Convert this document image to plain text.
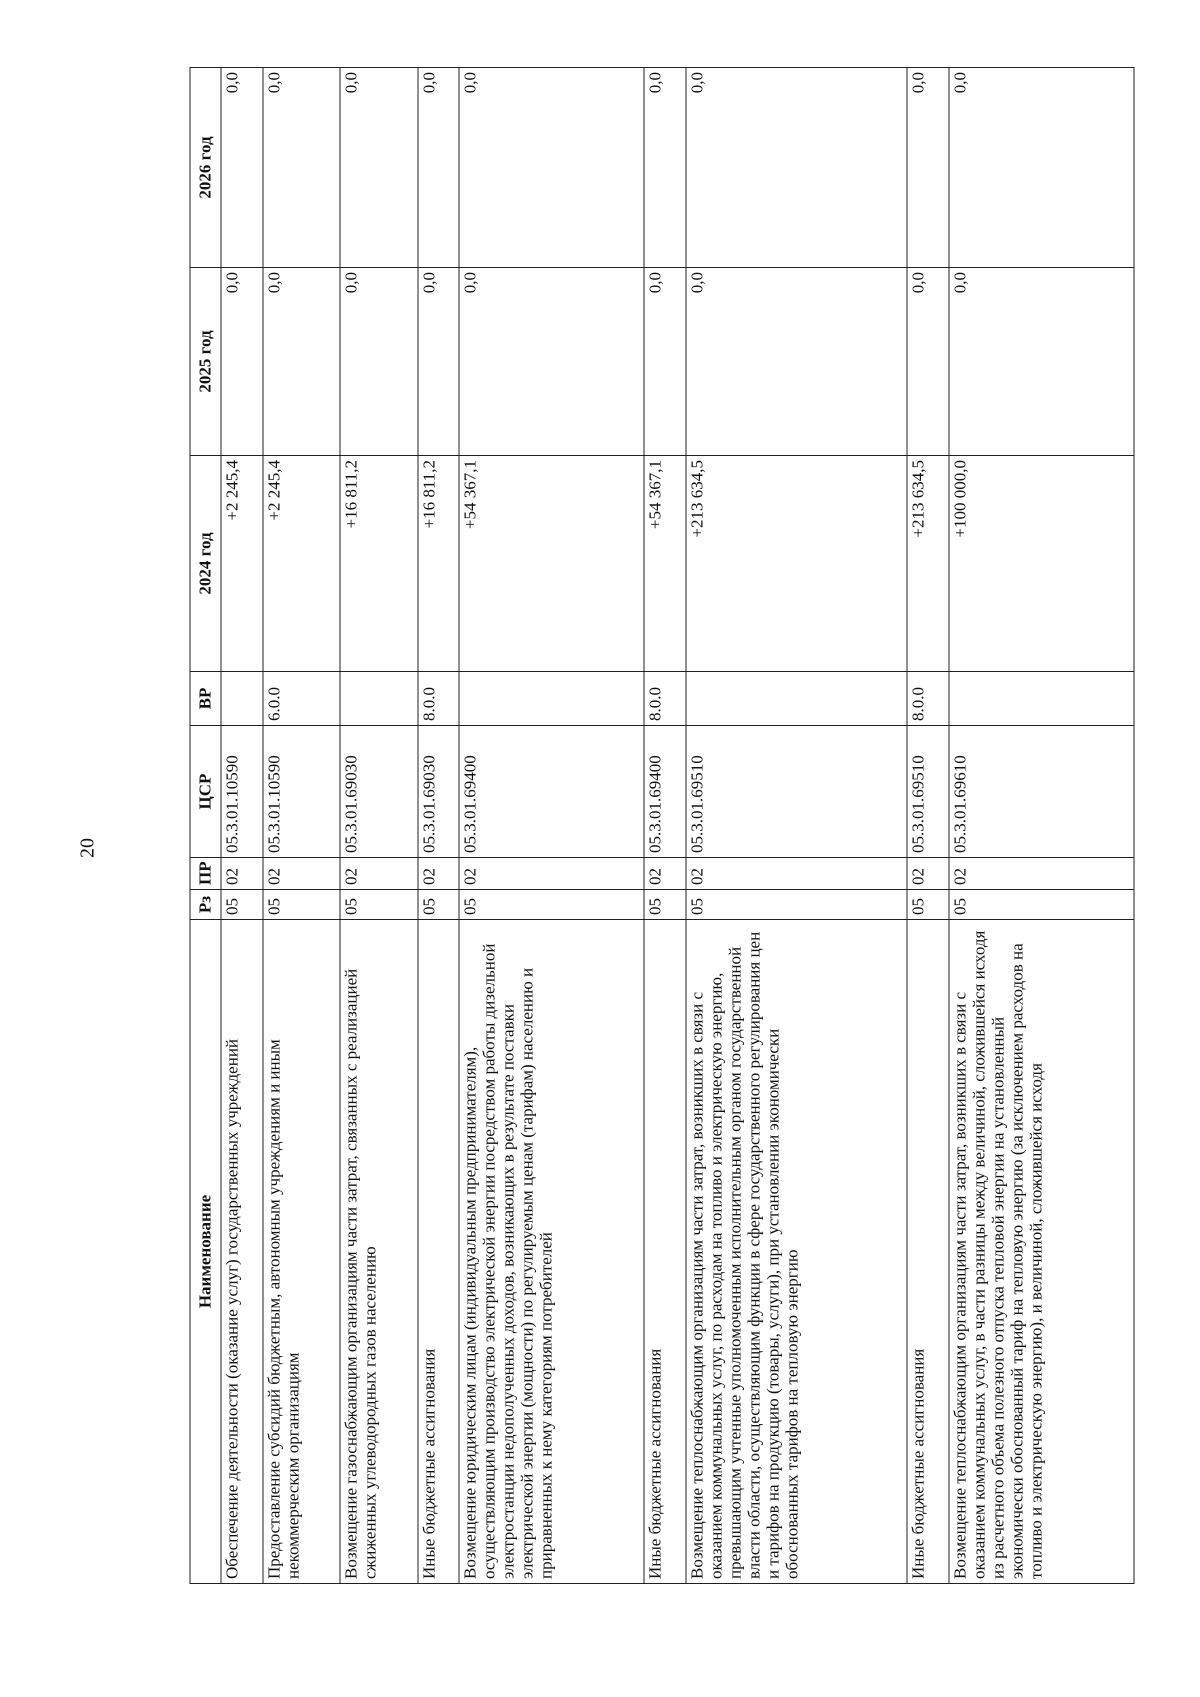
20
Наименование	Рз	ПР	ЦСР	ВР	2024 год	2025 год	2026 год
Обеспечение деятельности (оказание услуг) государственных учреждений	05	02	05.3.01.10590		+2 245,4	0,0	0,0
Предоставление субсидий бюджетным, автономным учреждениям и иным некоммерческим организациям	05	02	05.3.01.10590	6.0.0	+2 245,4	0,0	0,0
Возмещение газоснабжающим организациям части затрат, связанных с реализацией сжиженных углеводородных газов населению	05	02	05.3.01.69030		+16 811,2	0,0	0,0
Иные бюджетные ассигнования	05	02	05.3.01.69030	8.0.0	+16 811,2	0,0	0,0
Возмещение юридическим лицам (индивидуальным предпринимателям), осуществляющим производство электрической энергии посредством работы дизельной электростанции недополученных доходов, возникающих в результате поставки электрической энергии (мощности) по регулируемым ценам (тарифам) населению и приравненных к нему категориям потребителей	05	02	05.3.01.69400		+54 367,1	0,0	0,0
Иные бюджетные ассигнования	05	02	05.3.01.69400	8.0.0	+54 367,1	0,0	0,0
Возмещение теплоснабжающим организациям части затрат, возникших в связи с оказанием коммунальных услуг, по расходам на топливо и электрическую энергию, превышающим учтенные уполномоченным исполнительным органом государственной власти области, осуществляющим функции в сфере государственного регулирования цен и тарифов на продукцию (товары, услуги), при установлении экономически обоснованных тарифов на тепловую энергию	05	02	05.3.01.69510		+213 634,5	0,0	0,0
Иные бюджетные ассигнования	05	02	05.3.01.69510	8.0.0	+213 634,5	0,0	0,0
Возмещение теплоснабжающим организациям части затрат, возникших в связи с оказанием коммунальных услуг, в части разницы между величиной, сложившейся исходя из расчетного объема полезного отпуска тепловой энергии на установленный экономически обоснованный тариф на тепловую энергию (за исключением расходов на топливо и электрическую энергию), и величиной, сложившейся исходя	05	02	05.3.01.69610		+100 000,0	0,0	0,0
